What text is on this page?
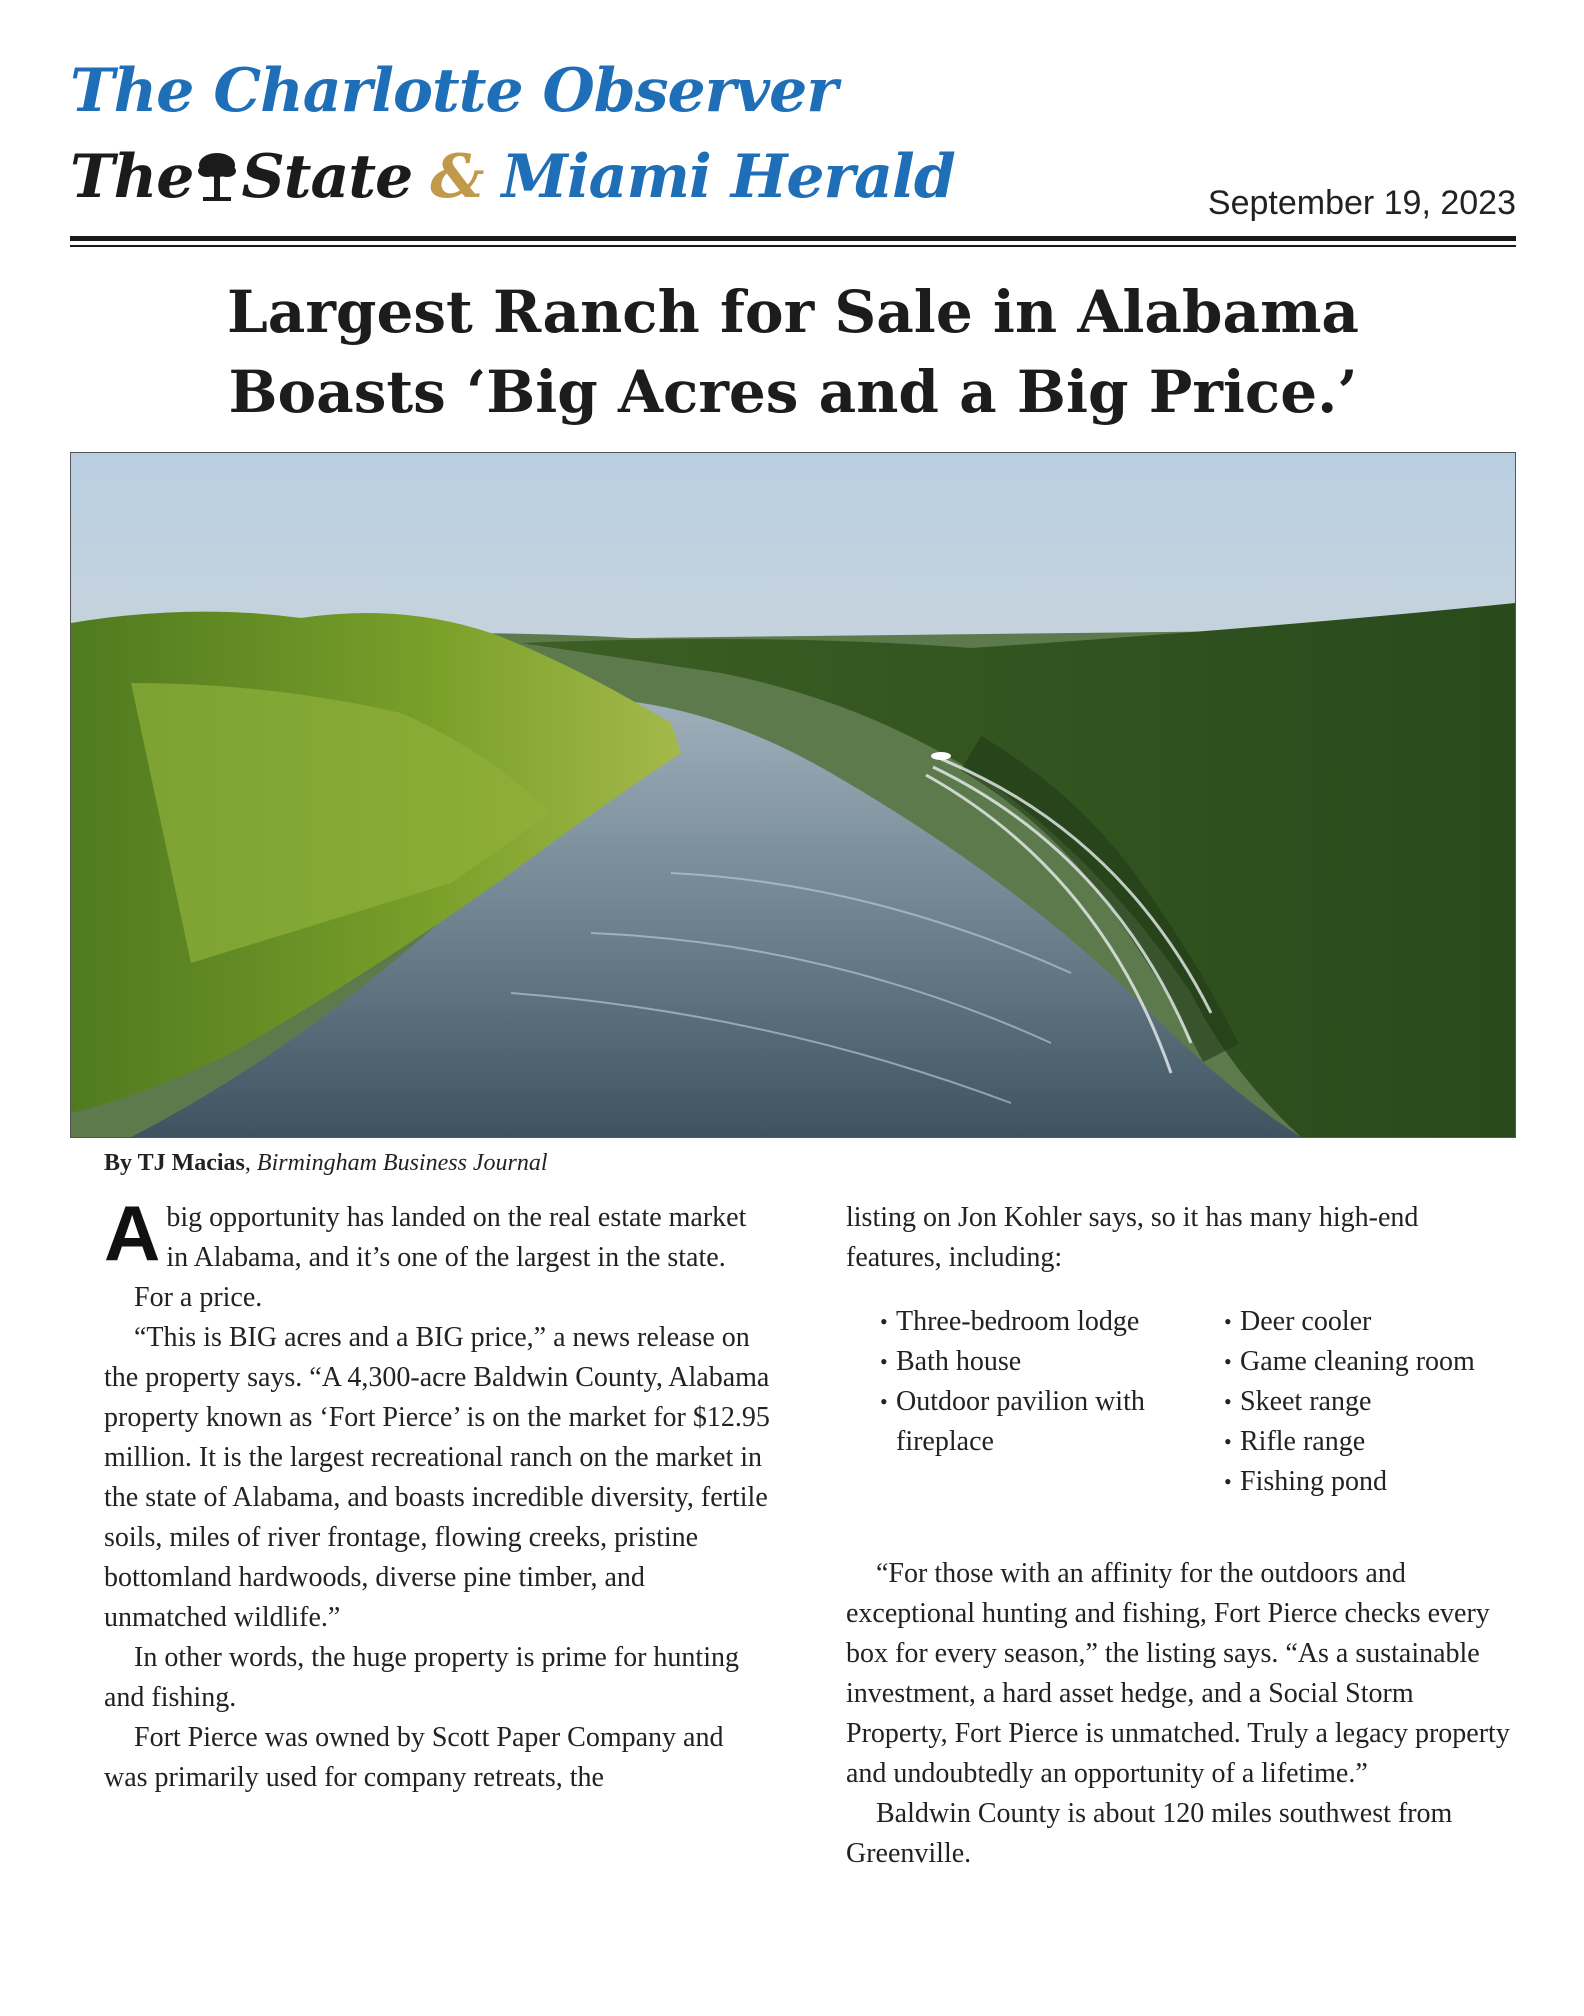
The Charlotte Observer
The State & Miami Herald	September 19, 2023
Largest Ranch for Sale in Alabama
Boasts ‘Big Acres and a Big Price.’
By TJ Macias, Birmingham Business Journal

A big opportunity has landed on the real estate market in Alabama, and it’s one of the largest in the state.

For a price.

“This is BIG acres and a BIG price,” a news release on the property says. “A 4,300-acre Baldwin County, Alabama property known as ‘Fort Pierce’ is on the market for $12.95 million. It is the largest recreational ranch on the market in the state of Alabama, and boasts incredible diversity, fertile soils, miles of river frontage, flowing creeks, pristine bottomland hardwoods, diverse pine timber, and unmatched wildlife.”

In other words, the huge property is prime for hunting and fishing.

Fort Pierce was owned by Scott Paper Company and was primarily used for company retreats, the

listing on Jon Kohler says, so it has many high-end features, including:

• Three-bedroom lodge
• Bath house
• Outdoor pavilion with fireplace
• Deer cooler
• Game cleaning room
• Skeet range
• Rifle range
• Fishing pond

“For those with an affinity for the outdoors and exceptional hunting and fishing, Fort Pierce checks every box for every season,” the listing says. “As a sustainable investment, a hard asset hedge, and a Social Storm Property, Fort Pierce is unmatched. Truly a legacy property and undoubtedly an opportunity of a lifetime.”

Baldwin County is about 120 miles southwest from Greenville.
